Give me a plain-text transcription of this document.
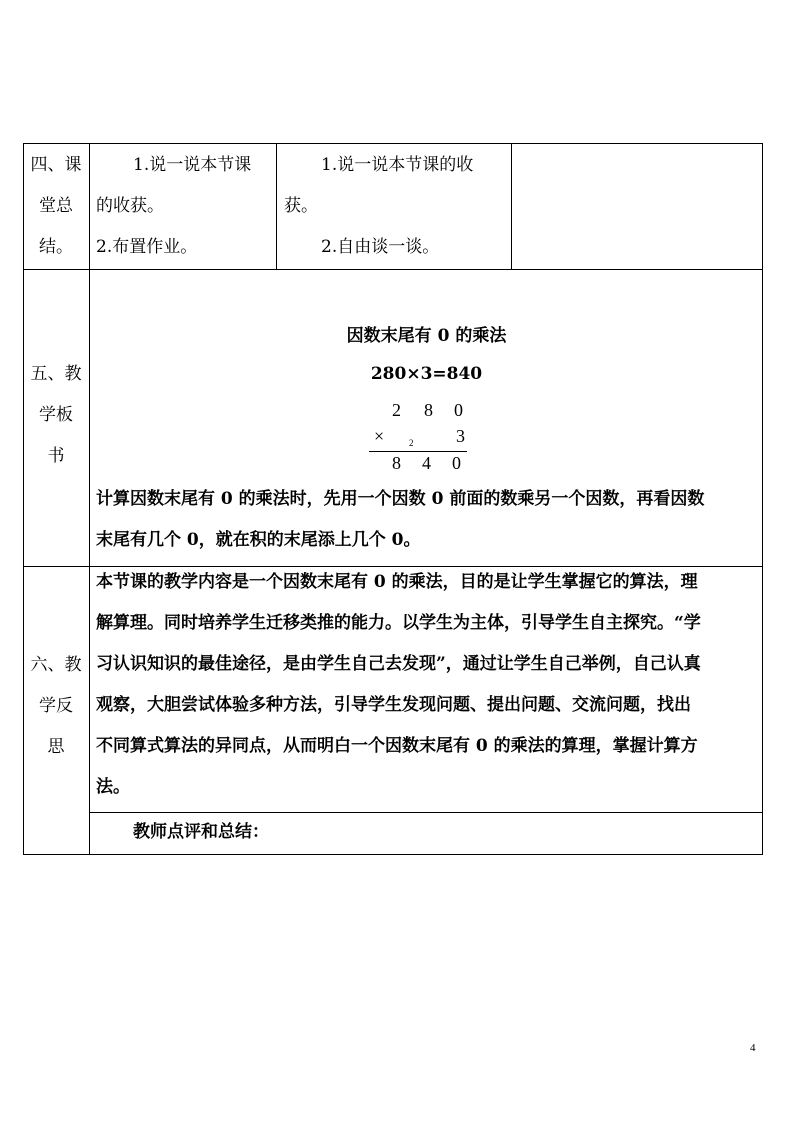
四、课
堂总
结。
1.说一说本节课
的收获。
2.布置作业。
1.说一说本节课的收
获。
2.自由谈一谈。
五、教
学板
书
因数末尾有 0 的乘法
280×3=840
2 8 0
×	2 3
8 4 0
计算因数末尾有 0 的乘法时，先用一个因数 0 前面的数乘另一个因数，再看因数
末尾有几个 0，就在积的末尾添上几个 0。
六、教
学反
思
本节课的教学内容是一个因数末尾有 0 的乘法，目的是让学生掌握它的算法，理
解算理。同时培养学生迁移类推的能力。以学生为主体，引导学生自主探究。“学
习认识知识的最佳途径，是由学生自己去发现”，通过让学生自己举例，自己认真
观察，大胆尝试体验多种方法，引导学生发现问题、提出问题、交流问题，找出
不同算式算法的异同点，从而明白一个因数末尾有 0 的乘法的算理，掌握计算方
法。
教师点评和总结：
4
